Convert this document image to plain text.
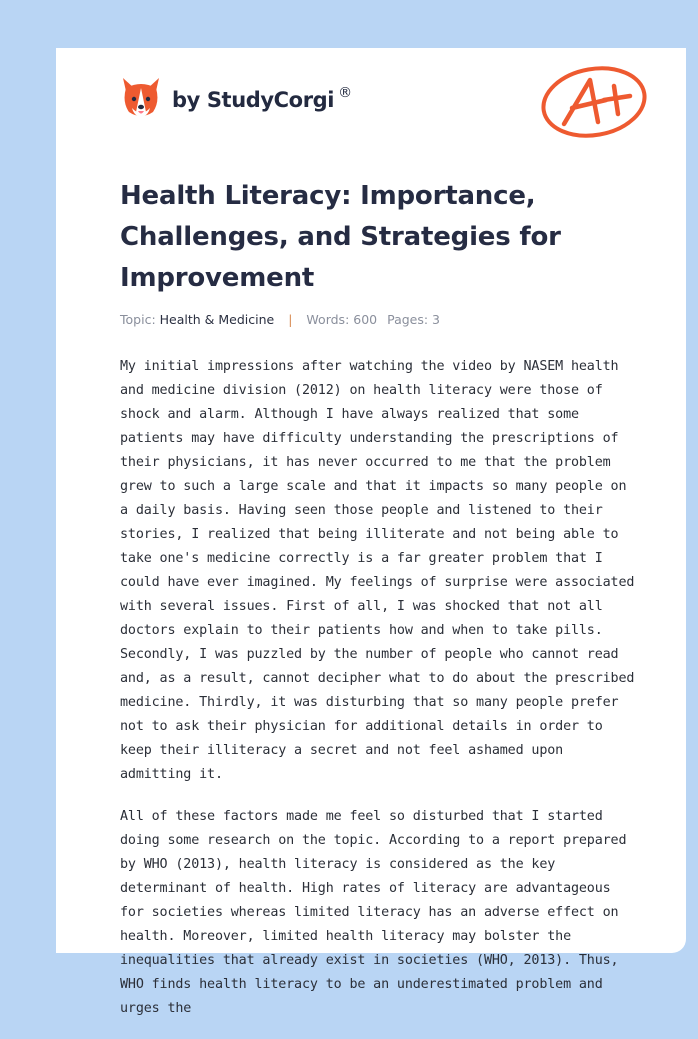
by StudyCorgi ®
Health Literacy: Importance, Challenges, and Strategies for Improvement
Topic: Health & Medicine | Words: 600 Pages: 3

My initial impressions after watching the video by NASEM health and medicine division (2012) on health literacy were those of shock and alarm. Although I have always realized that some patients may have difficulty understanding the prescriptions of their physicians, it has never occurred to me that the problem grew to such a large scale and that it impacts so many people on a daily basis. Having seen those people and listened to their stories, I realized that being illiterate and not being able to take one's medicine correctly is a far greater problem that I could have ever imagined. My feelings of surprise were associated with several issues. First of all, I was shocked that not all doctors explain to their patients how and when to take pills. Secondly, I was puzzled by the number of people who cannot read and, as a result, cannot decipher what to do about the prescribed medicine. Thirdly, it was disturbing that so many people prefer not to ask their physician for additional details in order to keep their illiteracy a secret and not feel ashamed upon admitting it.

All of these factors made me feel so disturbed that I started doing some research on the topic. According to a report prepared by WHO (2013), health literacy is considered as the key determinant of health. High rates of literacy are advantageous for societies whereas limited literacy has an adverse effect on health. Moreover, limited health literacy may bolster the inequalities that already exist in societies (WHO, 2013). Thus, WHO finds health literacy to be an underestimated problem and urges the
